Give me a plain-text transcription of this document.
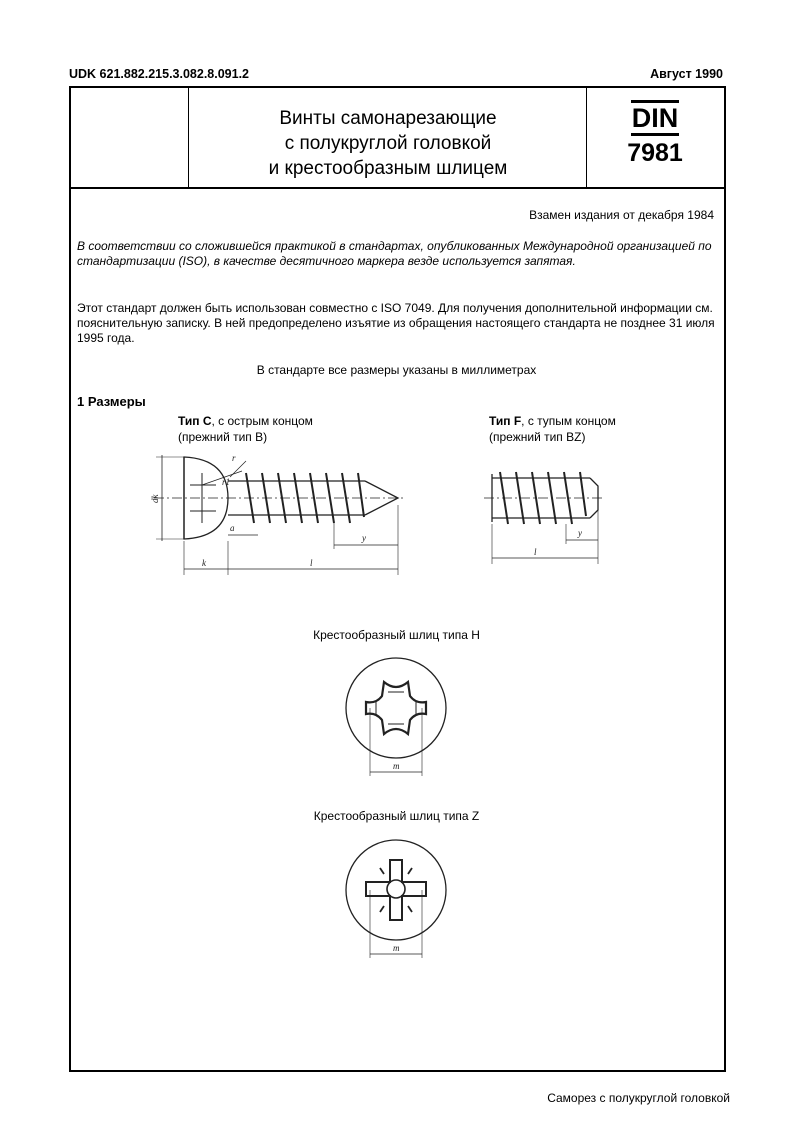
UDK 621.882.215.3.082.8.091.2	Август 1990
Винты самонарезающие
с полукруглой головкой
и крестообразным шлицем
DIN
7981
Взамен издания от декабря 1984
В соответствии со сложившейся практикой в стандартах, опубликованных Международной организацией по стандартизации (ISO), в качестве десятичного маркера везде используется запятая.
Этот стандарт должен быть использован совместно с ISO 7049. Для получения дополнительной информации см. пояснительную записку. В ней предопределено изъятие из обращения настоящего стандарта не позднее 31 июля 1995 года.
В стандарте все размеры указаны в миллиметрах
1 Размеры
Тип C, с острым концом
(прежний тип B)
Тип F, с тупым концом
(прежний тип BZ)
dk
r1
r
a
y
k	l
y
l
Крестообразный шлиц типа H
m
Крестообразный шлиц типа Z
m
Саморез с полукруглой головкой
